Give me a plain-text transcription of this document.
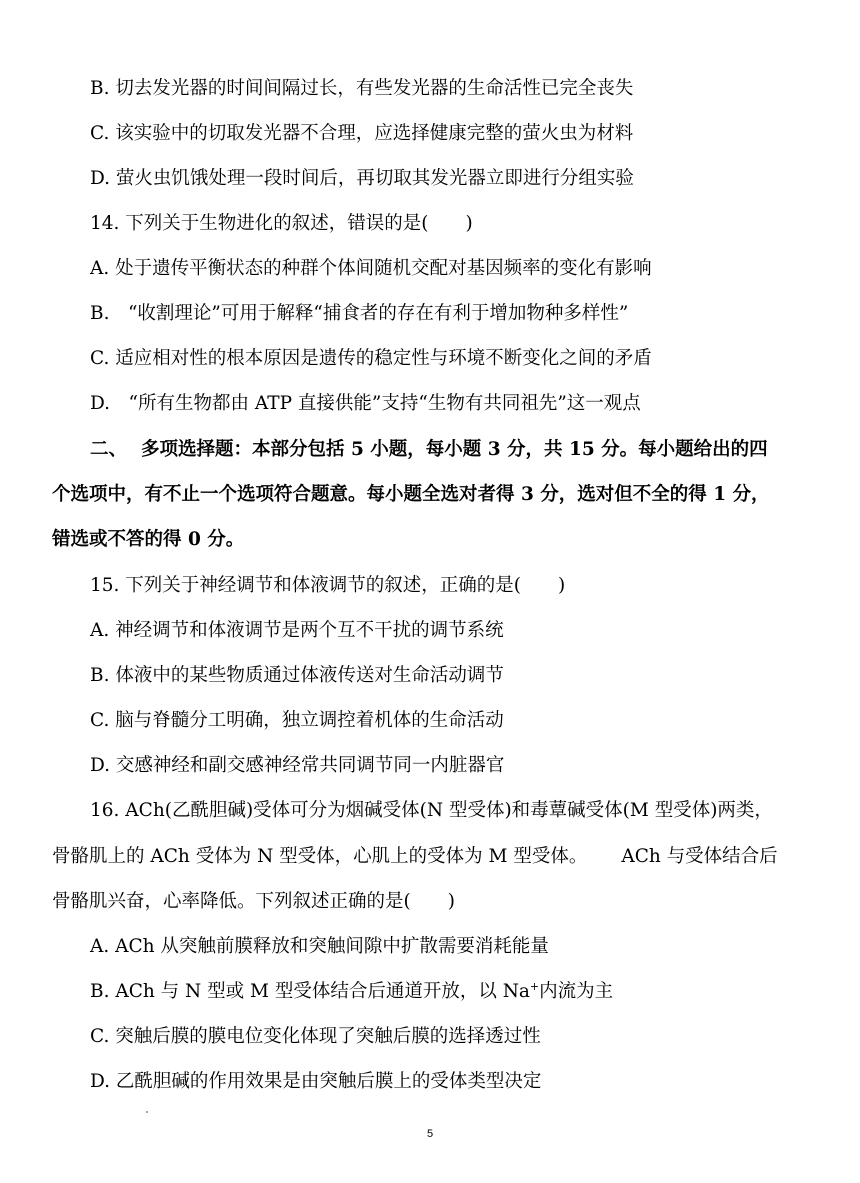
B. 切去发光器的时间间隔过长，有些发光器的生命活性已完全丧失
C. 该实验中的切取发光器不合理，应选择健康完整的萤火虫为材料
D. 萤火虫饥饿处理一段时间后，再切取其发光器立即进行分组实验
14. 下列关于生物进化的叙述，错误的是(　　)
A. 处于遗传平衡状态的种群个体间随机交配对基因频率的变化有影响
B.　“收割理论”可用于解释“捕食者的存在有利于增加物种多样性”
C. 适应相对性的根本原因是遗传的稳定性与环境不断变化之间的矛盾
D.　“所有生物都由 ATP 直接供能”支持“生物有共同祖先”这一观点
二、 多项选择题：本部分包括 5 小题，每小题 3 分，共 15 分。每小题给出的四
个选项中，有不止一个选项符合题意。每小题全选对者得 3 分，选对但不全的得 1 分，
错选或不答的得 0 分。
15. 下列关于神经调节和体液调节的叙述，正确的是(　　)
A. 神经调节和体液调节是两个互不干扰的调节系统
B. 体液中的某些物质通过体液传送对生命活动调节
C. 脑与脊髓分工明确，独立调控着机体的生命活动
D. 交感神经和副交感神经常共同调节同一内脏器官
16. ACh(乙酰胆碱)受体可分为烟碱受体(N 型受体)和毒蕈碱受体(M 型受体)两类，
骨骼肌上的 ACh 受体为 N 型受体，心肌上的受体为 M 型受体。 ACh 与受体结合后
骨骼肌兴奋，心率降低。下列叙述正确的是(　　)
A. ACh 从突触前膜释放和突触间隙中扩散需要消耗能量
B. ACh 与 N 型或 M 型受体结合后通道开放，以 Na+内流为主
C. 突触后膜的膜电位变化体现了突触后膜的选择透过性
D. 乙酰胆碱的作用效果是由突触后膜上的受体类型决定
5
